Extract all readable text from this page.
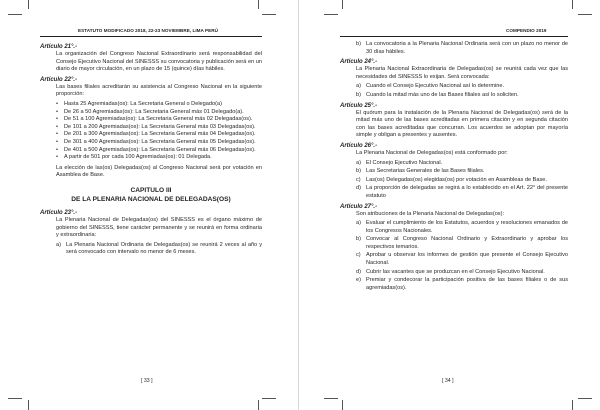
ESTATUTO MODIFICADO 2018, 22-23 NOVIEMBRE, LIMA PERÚ
Artículo 21°.-

La organización del Congreso Nacional Extraordinario será responsabilidad del Consejo Ejecutivo Nacional del SINESSS su convocatoria y publicación será en un diario de mayor circulación, en un plazo de 15 (quince) días hábiles.

Artículo 22°.-

Las bases filiales acreditarán su asistencia al Congreso Nacional en la siguiente proporción:

• Hasta 25 Agremiadas(os): La Secretaria General o Delegado(a)
• De 26 a 50 Agremiadas(os): La Secretaria General más 01 Delegado(a).
• De 51 a 100 Agremiadas(os): La Secretaria General más 02 Delegadas(os).
• De 101 a 200 Agremiadas(os): La Secretaria General más 03 Delegadas(os).
• De 201 a 300 Agremiadas(os): La Secretaria General más 04 Delegadas(os).
• De 301 a 400 Agremiadas(os): La Secretaria General más 05 Delegadas(os).
• De 401 a 500 Agremiadas(os): La Secretaria General más 06 Delegadas(os).
• A partir de 501 por cada 100 Agremiadas(os): 01 Delegada.

La elección de las(os) Delegadas(os) al Congreso Nacional será por votación en Asamblea de Base.

CAPITULO III
DE LA PLENARIA NACIONAL DE DELEGADAS(OS)
Artículo 23°.-

La Plenaria Nacional de Delegadas(os) del SINESSS es el órgano máximo de gobierno del SINESSS, tiene carácter permanente y se reunirá en forma ordinaria y extraordinaria:

a) La Plenaria Nacional Ordinaria de Delegadas(os) se reunirá 2 veces al año y será convocado con intervalo no menor de 6 meses.
[ 33 ]
COMPENDIO 2019
b) La convocatoria a la Plenaria Nacional Ordinaria será con un plazo no menor de 30 días hábiles.
Artículo 24°.-

La Plenaria Nacional Extraordinaria de Delegadas(os) se reunirá cada vez que las necesidades del SINESSS lo exijan. Será convocada:

a) Cuando el Consejo Ejecutivo Nacional así lo determine.
b) Cuando la mitad más uno de las Bases filiales así lo soliciten.
Artículo 25°.-

El quórum para la instalación de la Plenaria Nacional de Delegadas(os) será de la mitad más uno de las bases acreditadas en primera citación y en segunda citación con las bases acreditadas que concurran. Los acuerdos se adoptan por mayoría simple y obligan a presentes y ausentes.

Artículo 26°.-

La Plenaria Nacional de Delegadas(os) está conformado por:

a) El Consejo Ejecutivo Nacional.
b) Las Secretarias Generales de las Bases filiales.
c) Las(os) Delegadas(os) elegidas(os) por votación en Asambleas de Base.
d) La proporción de delegadas se regirá a lo establecido en el Art. 22° del presente estatuto
Artículo 27°.-

Son atribuciones de la Plenaria Nacional de Delegadas(os):

a) Evaluar el cumplimiento de los Estatutos, acuerdos y resoluciones emanados de los Congresos Nacionales.
b) Convocar al Congreso Nacional Ordinario y Extraordinario y aprobar los respectivos temarios.
c) Aprobar u observar los informes de gestión que presente el Consejo Ejecutivo Nacional.
d) Cubrir las vacantes que se produzcan en el Consejo Ejecutivo Nacional.
e) Premiar y condecorar la participación positiva de las bases filiales o de sus agremiadas(os).
[ 34 ]
